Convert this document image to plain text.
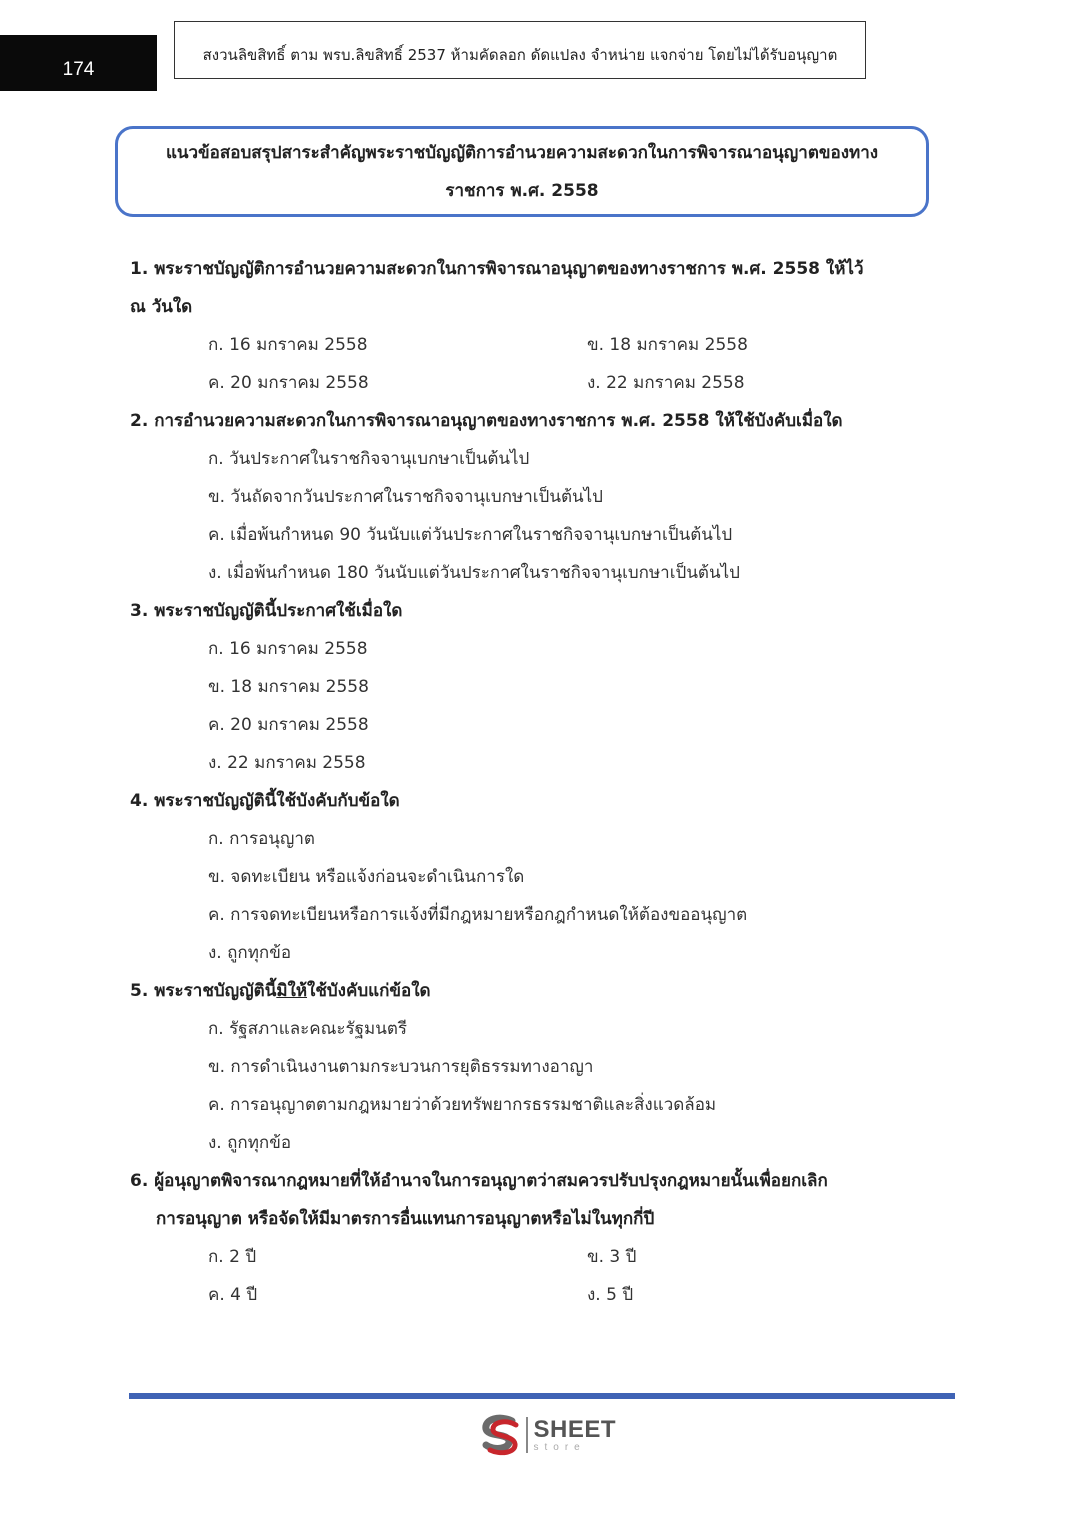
174
สงวนลิขสิทธิ์ ตาม พรบ.ลิขสิทธิ์ 2537 ห้ามคัดลอก ดัดแปลง จำหน่าย แจกจ่าย โดยไม่ได้รับอนุญาต
แนวข้อสอบสรุปสาระสำคัญพระราชบัญญัติการอำนวยความสะดวกในการพิจารณาอนุญาตของทาง
ราชการ พ.ศ. 2558
1. พระราชบัญญัติการอำนวยความสะดวกในการพิจารณาอนุญาตของทางราชการ พ.ศ. 2558 ให้ไว้
ณ วันใด
ก. 16 มกราคม 2558	ข. 18 มกราคม 2558
ค. 20 มกราคม 2558	ง. 22 มกราคม 2558
2. การอำนวยความสะดวกในการพิจารณาอนุญาตของทางราชการ พ.ศ. 2558 ให้ใช้บังคับเมื่อใด
ก. วันประกาศในราชกิจจานุเบกษาเป็นต้นไป
ข. วันถัดจากวันประกาศในราชกิจจานุเบกษาเป็นต้นไป
ค. เมื่อพ้นกำหนด 90 วันนับแต่วันประกาศในราชกิจจานุเบกษาเป็นต้นไป
ง. เมื่อพ้นกำหนด 180 วันนับแต่วันประกาศในราชกิจจานุเบกษาเป็นต้นไป
3. พระราชบัญญัตินี้ประกาศใช้เมื่อใด
ก. 16 มกราคม 2558
ข. 18 มกราคม 2558
ค. 20 มกราคม 2558
ง. 22 มกราคม 2558
4. พระราชบัญญัตินี้ใช้บังคับกับข้อใด
ก. การอนุญาต
ข. จดทะเบียน หรือแจ้งก่อนจะดำเนินการใด
ค. การจดทะเบียนหรือการแจ้งที่มีกฎหมายหรือกฎกำหนดให้ต้องขออนุญาต
ง. ถูกทุกข้อ
5. พระราชบัญญัตินี้มิให้ใช้บังคับแก่ข้อใด
ก. รัฐสภาและคณะรัฐมนตรี
ข. การดำเนินงานตามกระบวนการยุติธรรมทางอาญา
ค. การอนุญาตตามกฎหมายว่าด้วยทรัพยากรธรรมชาติและสิ่งแวดล้อม
ง. ถูกทุกข้อ
6. ผู้อนุญาตพิจารณากฎหมายที่ให้อำนาจในการอนุญาตว่าสมควรปรับปรุงกฎหมายนั้นเพื่อยกเลิก
การอนุญาต หรือจัดให้มีมาตรการอื่นแทนการอนุญาตหรือไม่ในทุกกี่ปี
ก. 2 ปี	ข. 3 ปี
ค. 4 ปี	ง. 5 ปี
SHEET
store
